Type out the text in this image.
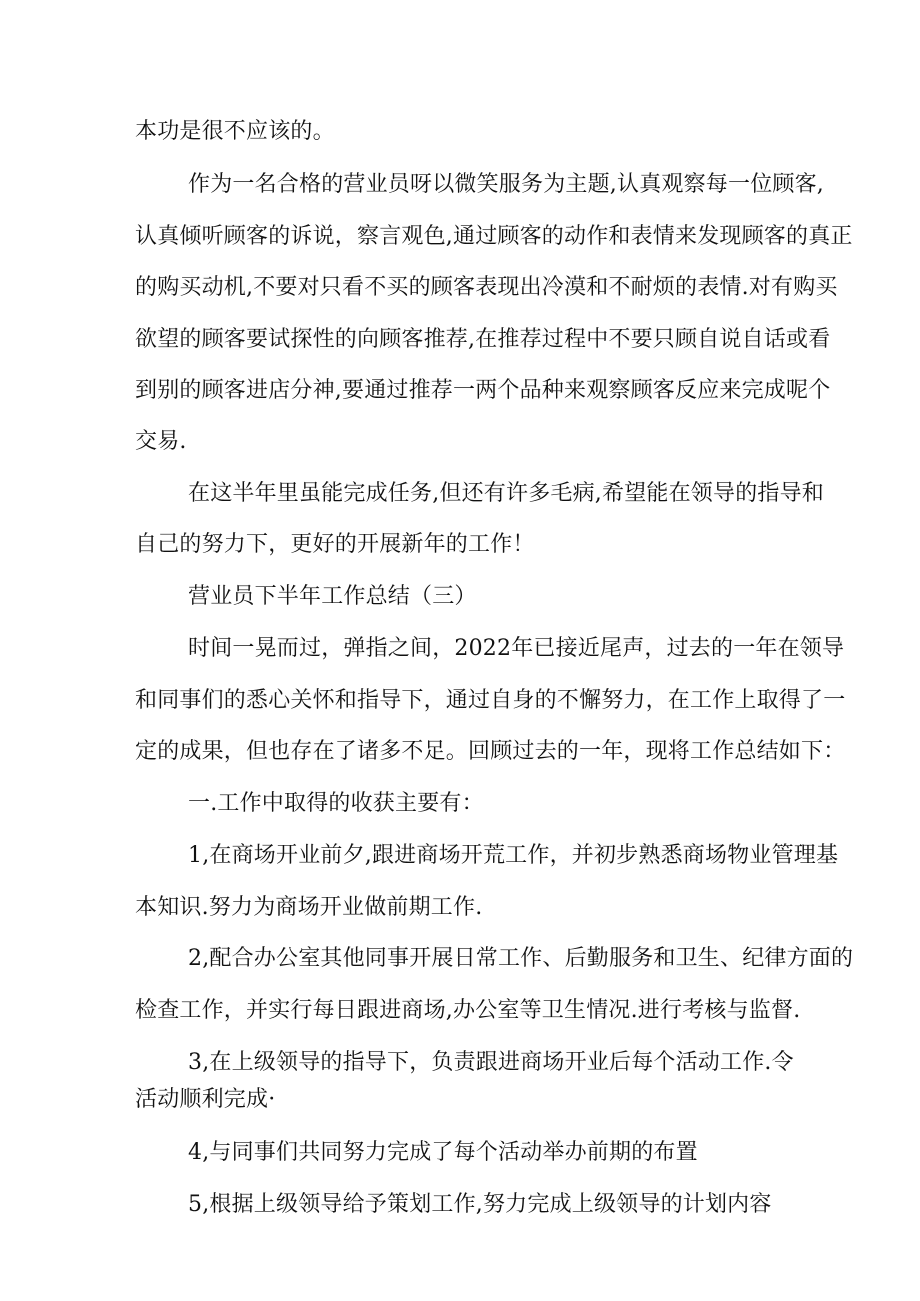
本功是很不应该的。
作为一名合格的营业员呀以微笑服务为主题,认真观察每一位顾客,
认真倾听顾客的诉说，察言观色,通过顾客的动作和表情来发现顾客的真正
的购买动机,不要对只看不买的顾客表现出冷漠和不耐烦的表情.对有购买
欲望的顾客要试探性的向顾客推荐,在推荐过程中不要只顾自说自话或看
到别的顾客进店分神,要通过推荐一两个品种来观察顾客反应来完成呢个
交易.
在这半年里虽能完成任务,但还有许多毛病,希望能在领导的指导和
自己的努力下，更好的开展新年的工作！
营业员下半年工作总结（三）
时间一晃而过，弹指之间，2022年已接近尾声，过去的一年在领导
和同事们的悉心关怀和指导下，通过自身的不懈努力，在工作上取得了一
定的成果，但也存在了诸多不足。回顾过去的一年，现将工作总结如下：
一.工作中取得的收获主要有：
1,在商场开业前夕,跟进商场开荒工作，并初步熟悉商场物业管理基
本知识.努力为商场开业做前期工作.
2,配合办公室其他同事开展日常工作、后勤服务和卫生、纪律方面的
检查工作，并实行每日跟进商场,办公室等卫生情况.进行考核与监督.
3,在上级领导的指导下，负责跟进商场开业后每个活动工作.令
活动顺利完成·
4,与同事们共同努力完成了每个活动举办前期的布置
5,根据上级领导给予策划工作,努力完成上级领导的计划内容
